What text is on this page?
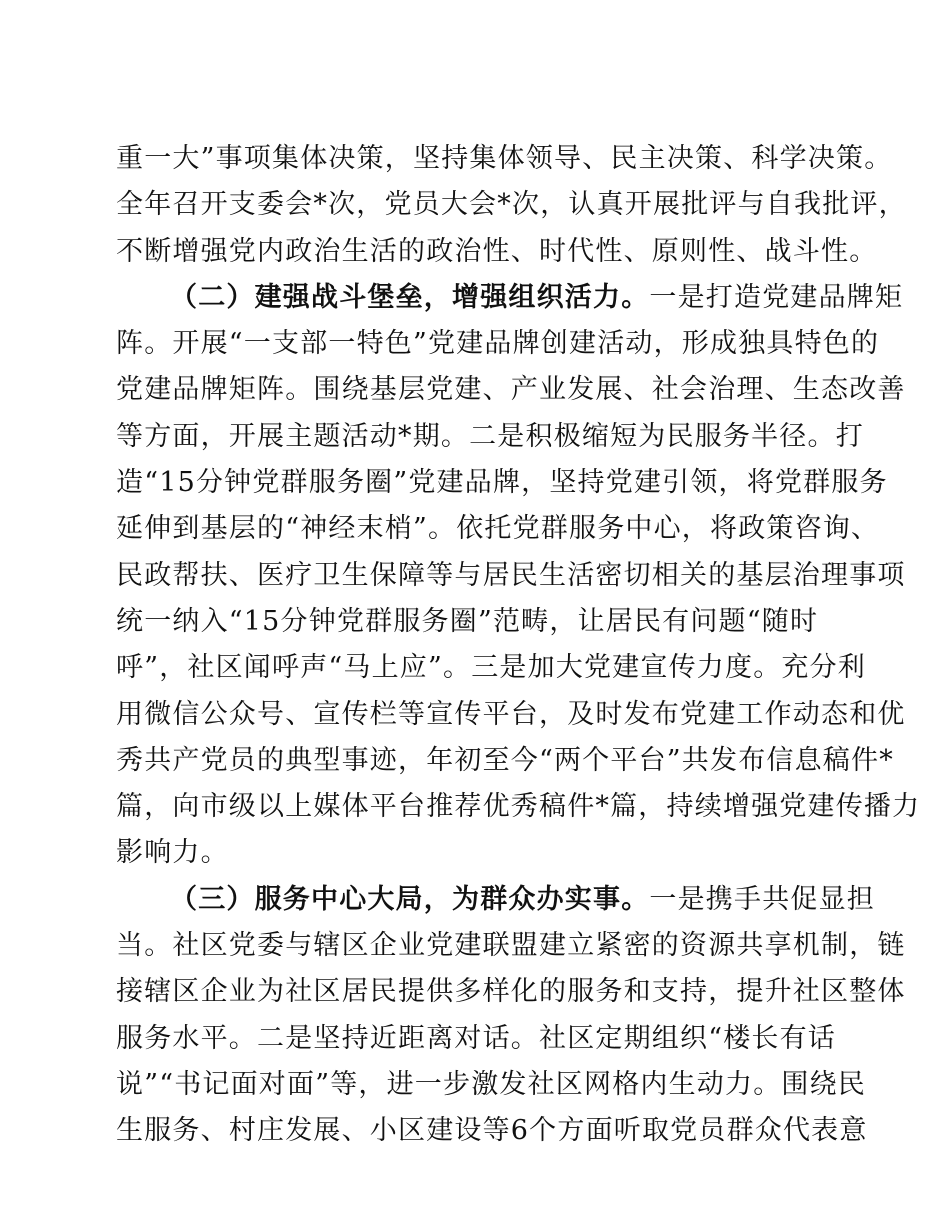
重一大”事项集体决策，坚持集体领导、民主决策、科学决策。
全年召开支委会*次，党员大会*次，认真开展批评与自我批评，
不断增强党内政治生活的政治性、时代性、原则性、战斗性。
（二）建强战斗堡垒，增强组织活力。一是打造党建品牌矩
阵。开展“一支部一特色”党建品牌创建活动，形成独具特色的
党建品牌矩阵。围绕基层党建、产业发展、社会治理、生态改善
等方面，开展主题活动*期。二是积极缩短为民服务半径。打
造“15分钟党群服务圈”党建品牌，坚持党建引领，将党群服务
延伸到基层的“神经末梢”。依托党群服务中心，将政策咨询、
民政帮扶、医疗卫生保障等与居民生活密切相关的基层治理事项
统一纳入“15分钟党群服务圈”范畴，让居民有问题“随时
呼”，社区闻呼声“马上应”。三是加大党建宣传力度。充分利
用微信公众号、宣传栏等宣传平台，及时发布党建工作动态和优
秀共产党员的典型事迹，年初至今“两个平台”共发布信息稿件*
篇，向市级以上媒体平台推荐优秀稿件*篇，持续增强党建传播力
影响力。
（三）服务中心大局，为群众办实事。一是携手共促显担
当。社区党委与辖区企业党建联盟建立紧密的资源共享机制，链
接辖区企业为社区居民提供多样化的服务和支持，提升社区整体
服务水平。二是坚持近距离对话。社区定期组织“楼长有话
说”“书记面对面”等，进一步激发社区网格内生动力。围绕民
生服务、村庄发展、小区建设等6个方面听取党员群众代表意
